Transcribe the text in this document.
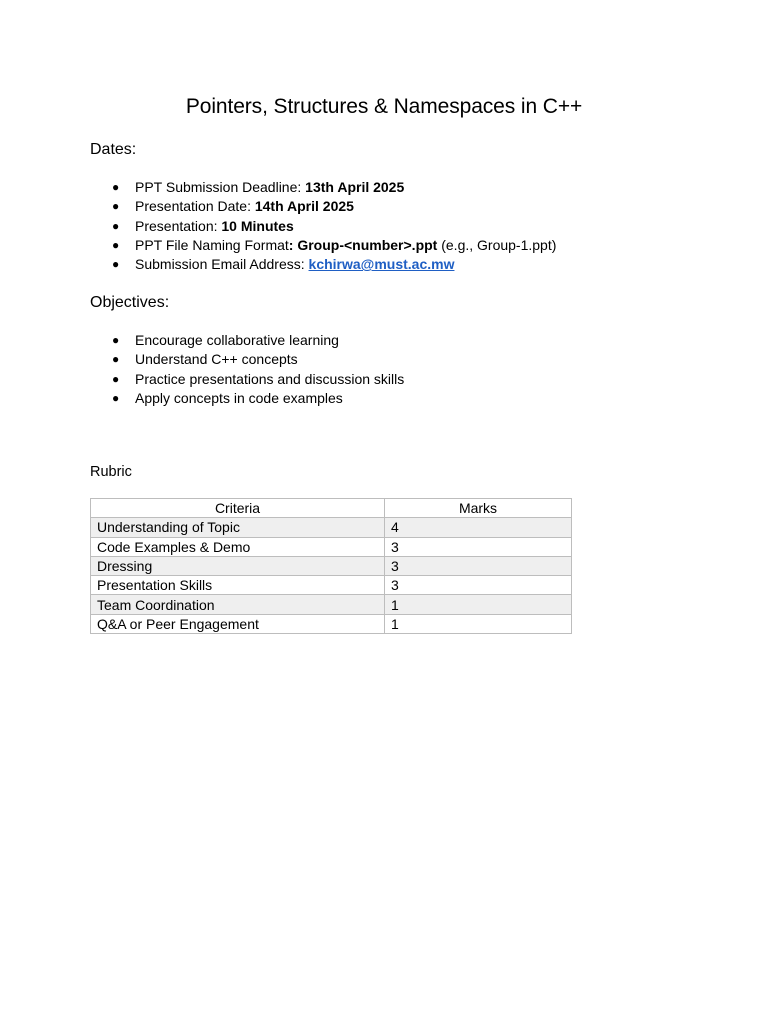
Pointers, Structures & Namespaces in C++
Dates:
● PPT Submission Deadline: 13th April 2025
● Presentation Date: 14th April 2025
● Presentation: 10 Minutes
● PPT File Naming Format: Group-<number>.ppt (e.g., Group-1.ppt)
● Submission Email Address: kchirwa@must.ac.mw
Objectives:
● Encourage collaborative learning
● Understand C++ concepts
● Practice presentations and discussion skills
● Apply concepts in code examples
Rubric
Criteria	Marks
Understanding of Topic	4
Code Examples & Demo	3
Dressing	3
Presentation Skills	3
Team Coordination	1
Q&A or Peer Engagement	1
